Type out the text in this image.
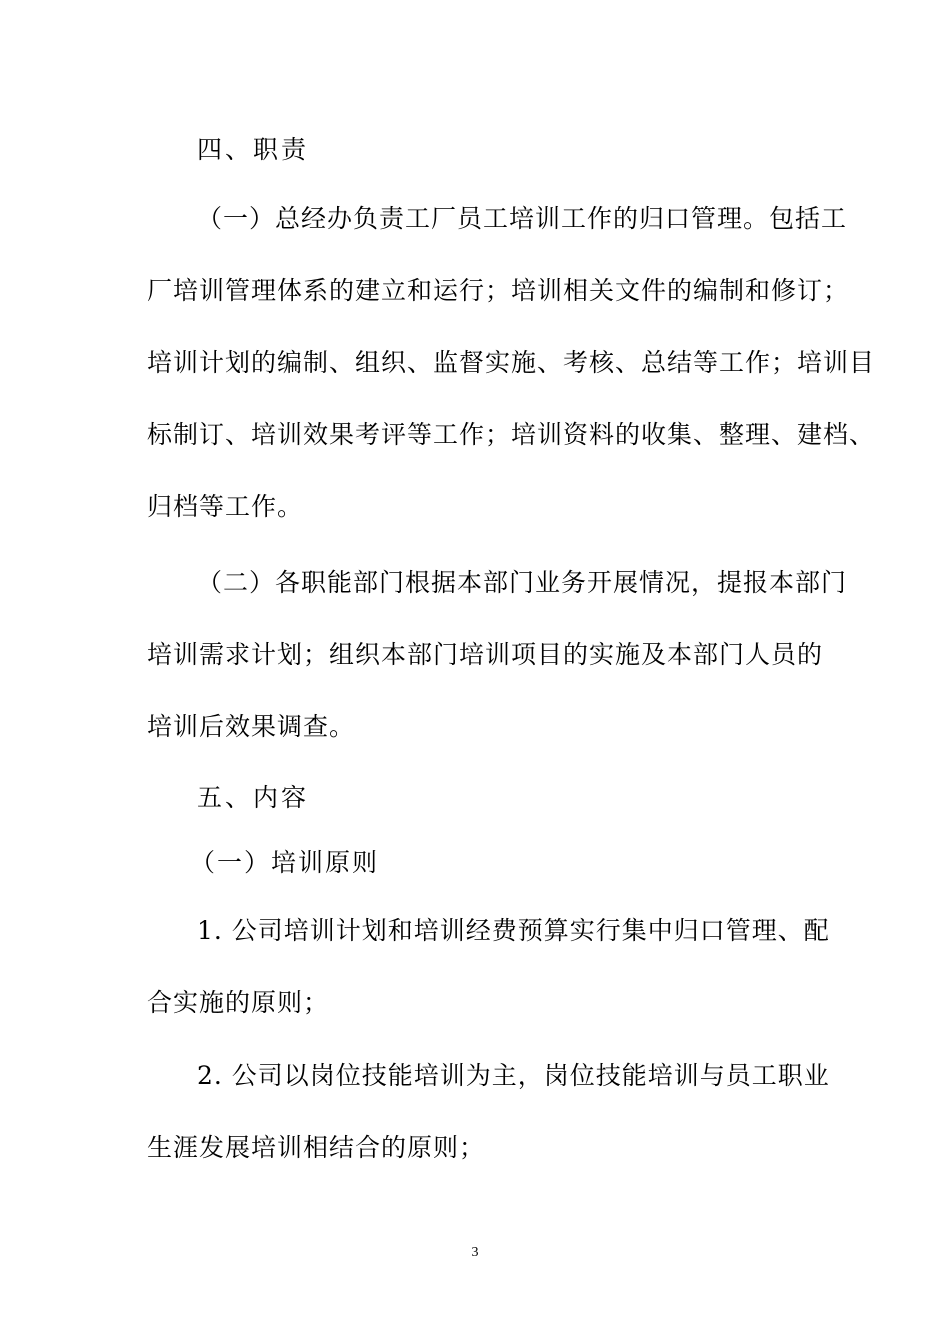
四、职责

（一）总经办负责工厂员工培训工作的归口管理。包括工
厂培训管理体系的建立和运行；培训相关文件的编制和修订；
培训计划的编制、组织、监督实施、考核、总结等工作；培训目
标制订、培训效果考评等工作；培训资料的收集、整理、建档、
归档等工作。
（二）各职能部门根据本部门业务开展情况，提报本部门
培训需求计划；组织本部门培训项目的实施及本部门人员的
培训后效果调查。

五、内容

（一）培训原则

1. 公司培训计划和培训经费预算实行集中归口管理、配
合实施的原则；
2. 公司以岗位技能培训为主，岗位技能培训与员工职业
生涯发展培训相结合的原则；
3
